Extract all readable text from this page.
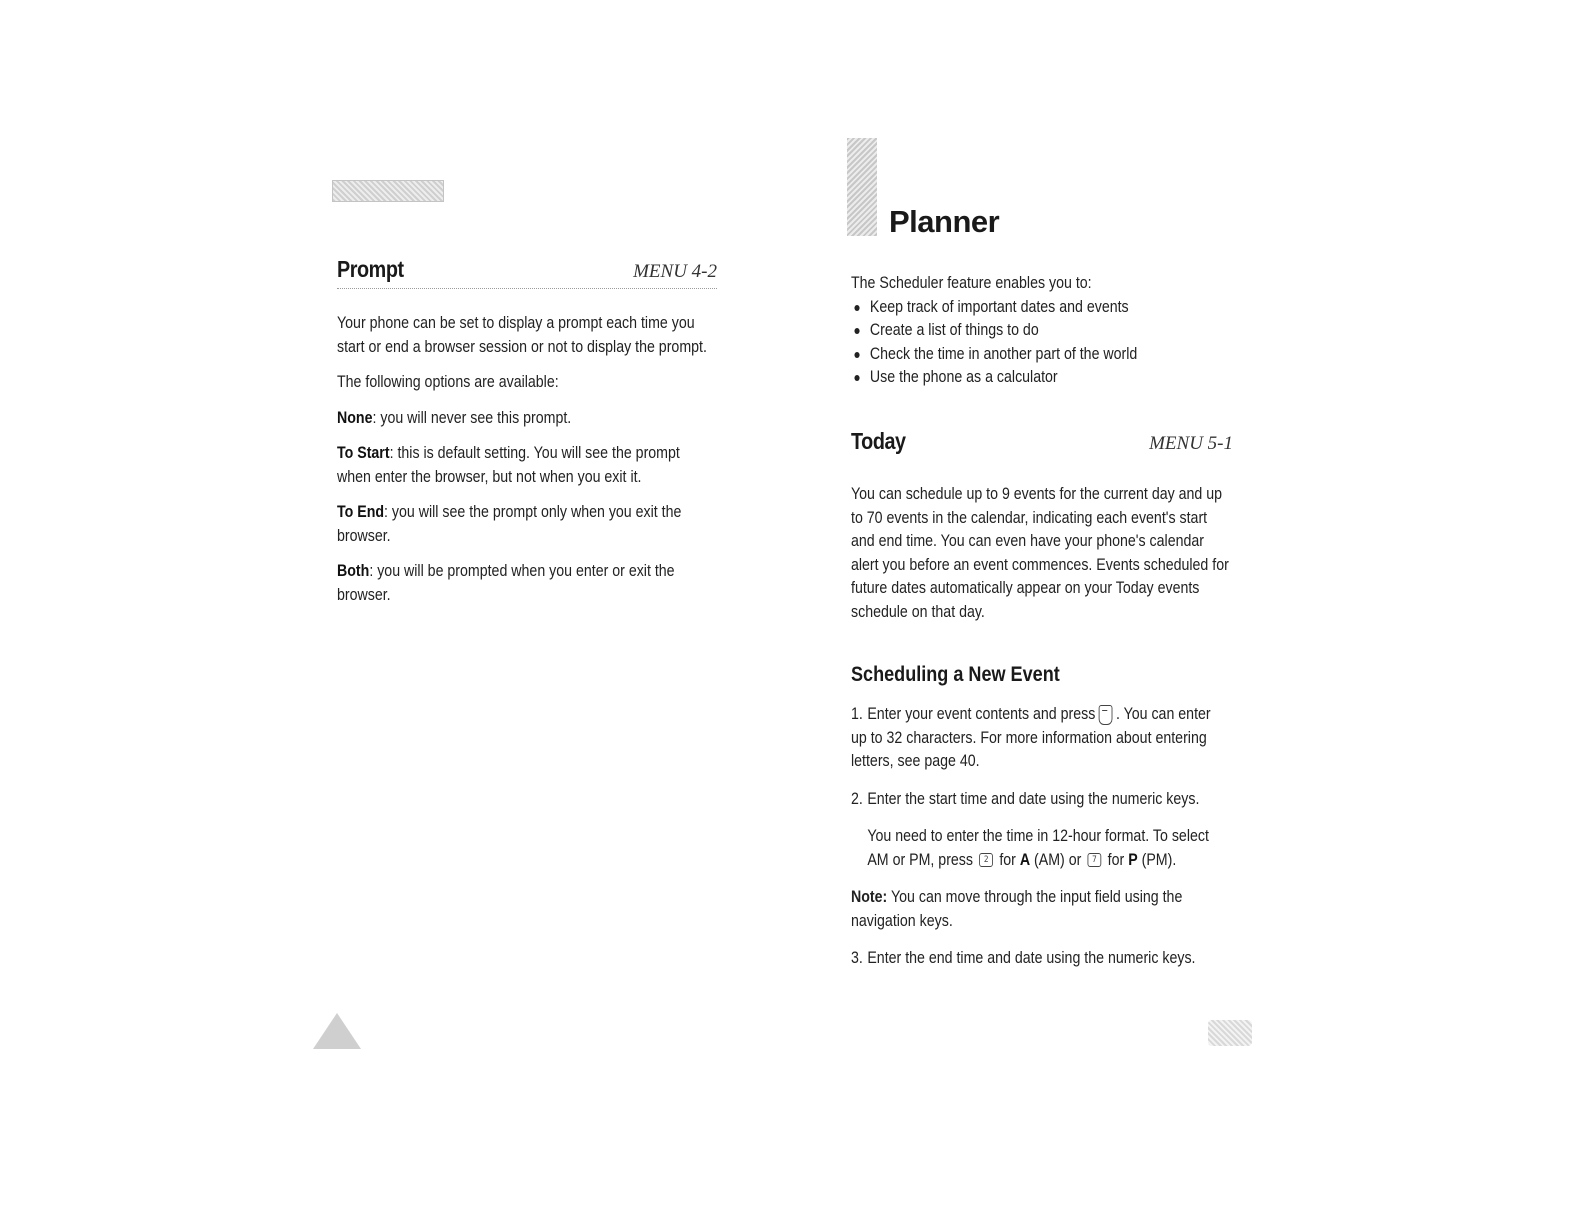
Prompt	MENU 4-2

Your phone can be set to display a prompt each time you start or end a browser session or not to display the prompt.

The following options are available:

None: you will never see this prompt.

To Start: this is default setting. You will see the prompt when enter the browser, but not when you exit it.

To End: you will see the prompt only when you exit the browser.

Both: you will be prompted when you enter or exit the browser.

Planner

The Scheduler feature enables you to:

Keep track of important dates and events
Create a list of things to do
Check the time in another part of the world
Use the phone as a calculator
Today	MENU 5-1

You can schedule up to 9 events for the current day and up to 70 events in the calendar, indicating each event's start and end time. You can even have your phone's calendar alert you before an event commences. Events scheduled for future dates automatically appear on your Today events schedule on that day.

Scheduling a New Event

1. Enter your event contents and press . You can enter up to 32 characters. For more information about entering letters, see page 40.

2. Enter the start time and date using the numeric keys.

You need to enter the time in 12-hour format. To select AM or PM, press 2 for A (AM) or 7 for P (PM).

Note: You can move through the input field using the navigation keys.

3. Enter the end time and date using the numeric keys.
